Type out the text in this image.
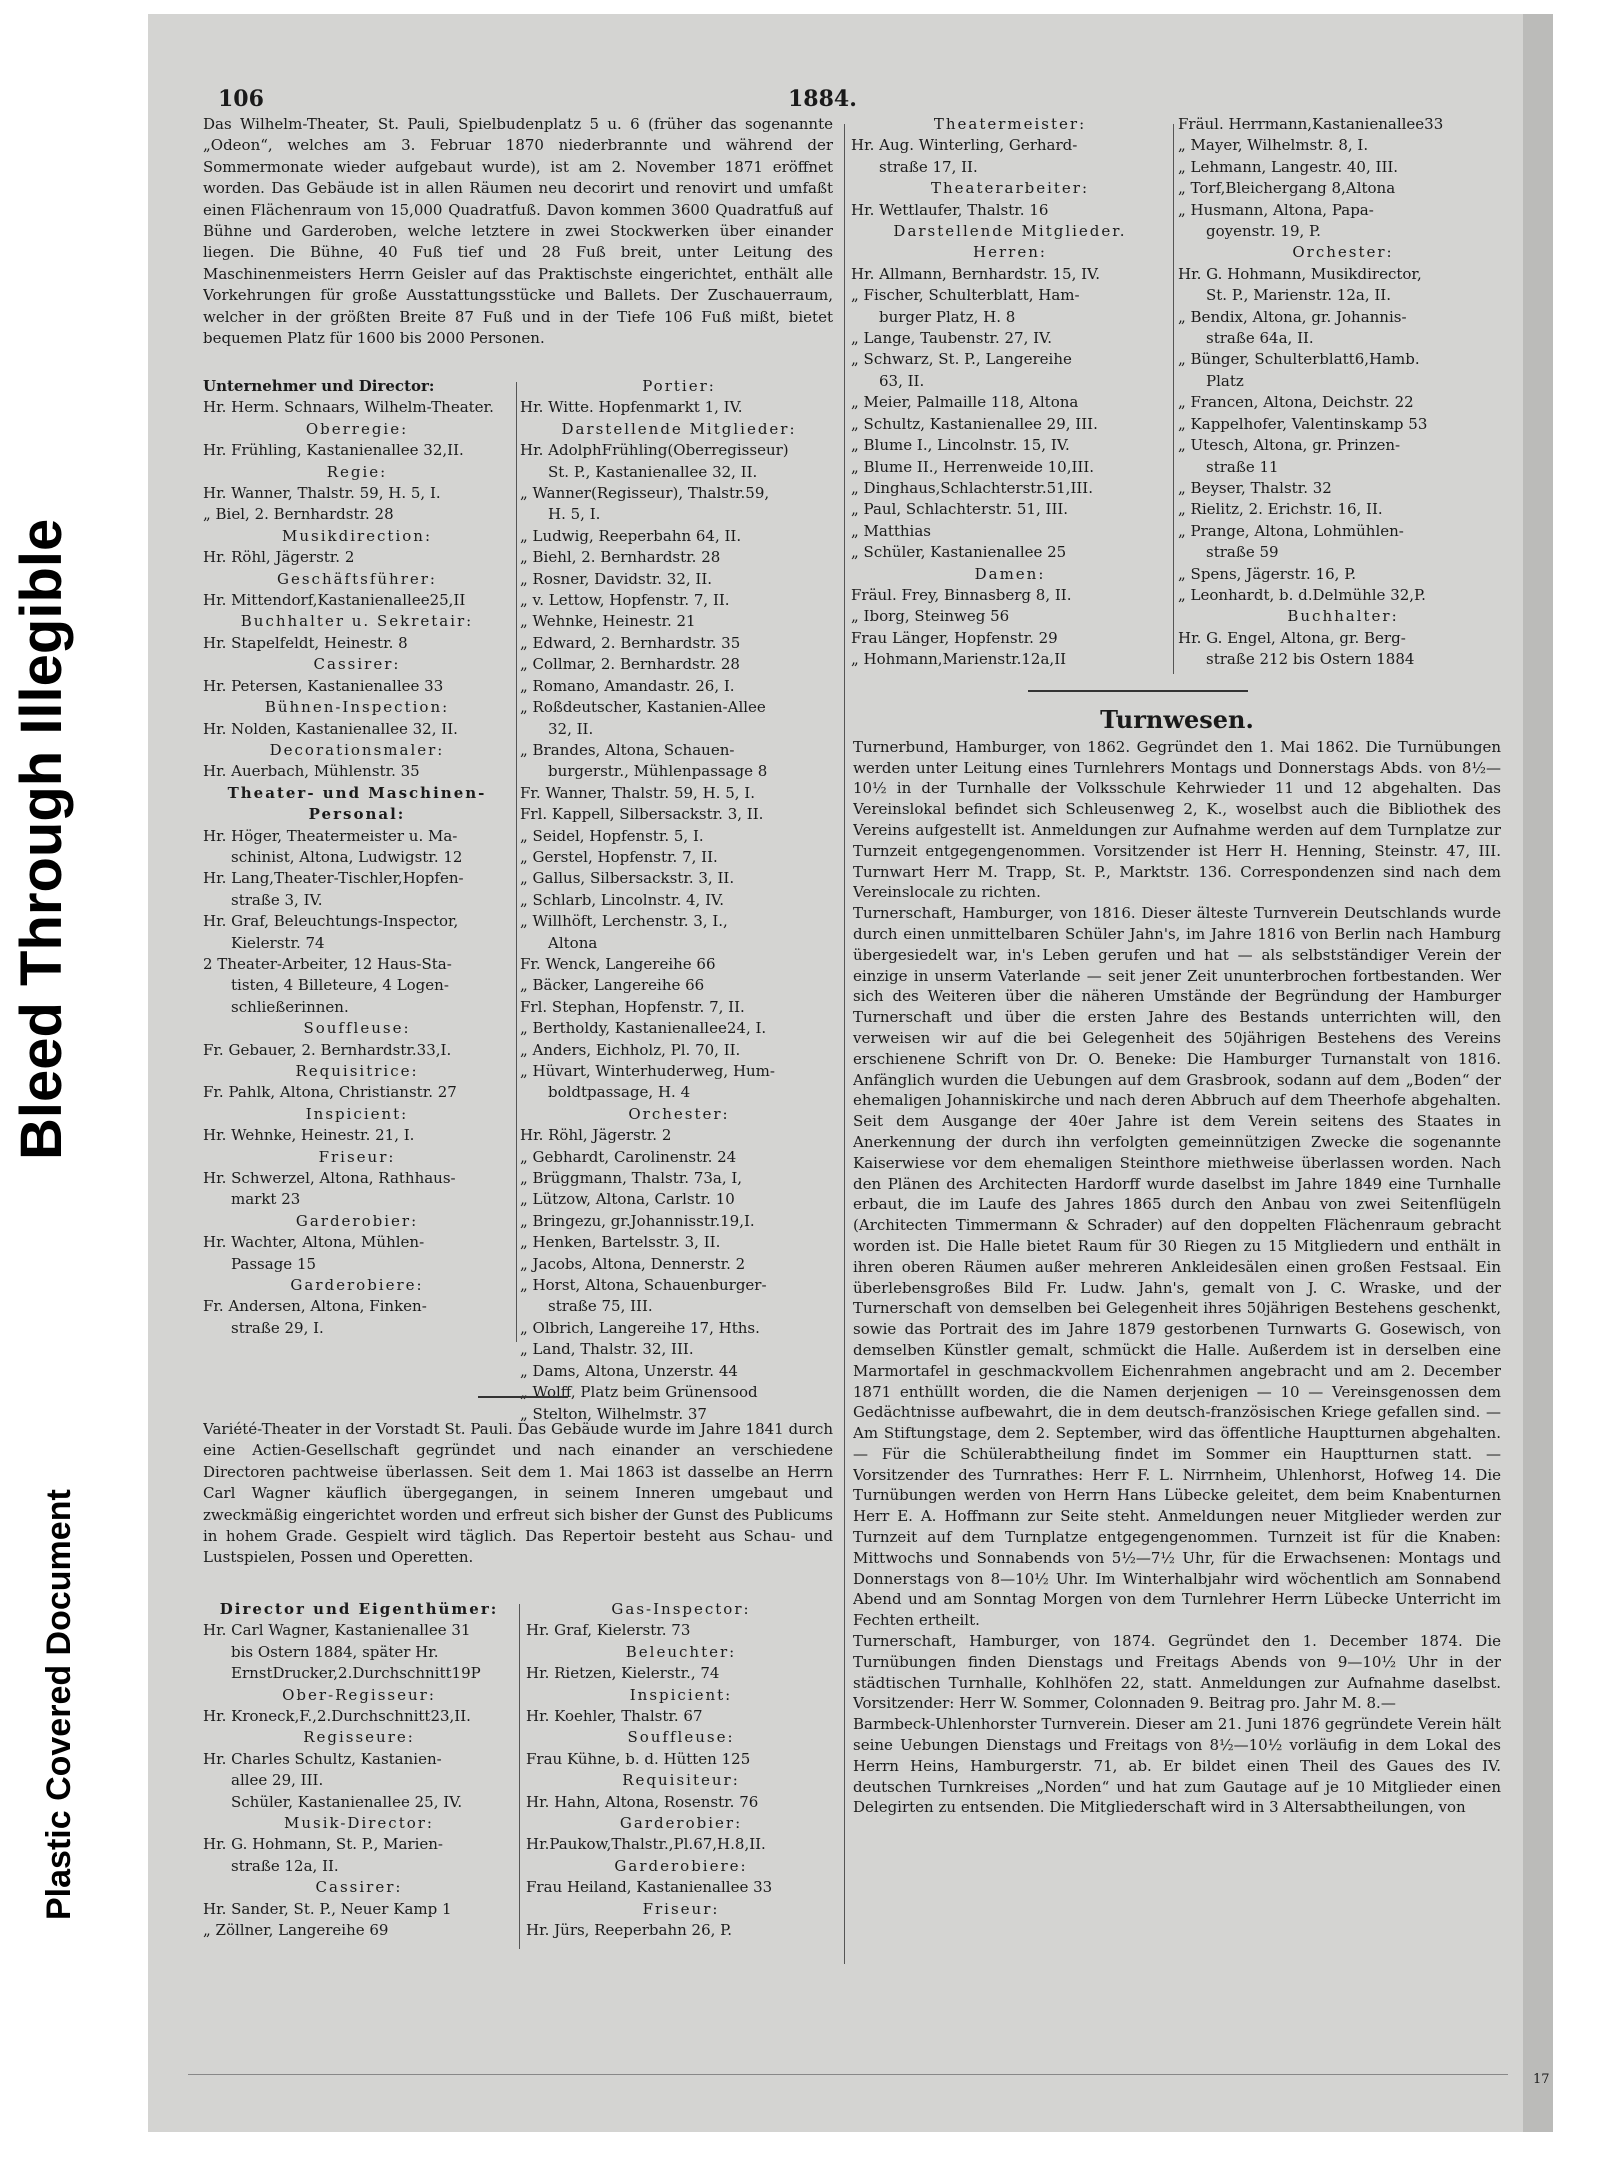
Bleed Through Illegible
Plastic Covered Document
106	1884.

Das Wilhelm-Theater, St. Pauli, Spielbudenplatz 5 u. 6 (früher das sogenannte „Odeon“, welches am 3. Februar 1870 niederbrannte und während der Sommermonate wieder aufgebaut wurde), ist am 2. November 1871 eröffnet worden. Das Gebäude ist in allen Räumen neu decorirt und renovirt und umfaßt einen Flächenraum von 15,000 Quadratfuß. Davon kommen 3600 Quadratfuß auf Bühne und Garderoben, welche letztere in zwei Stockwerken über einander liegen. Die Bühne, 40 Fuß tief und 28 Fuß breit, unter Leitung des Maschinenmeisters Herrn Geisler auf das Praktischste eingerichtet, enthält alle Vorkehrungen für große Ausstattungsstücke und Ballets. Der Zuschauerraum, welcher in der größten Breite 87 Fuß und in der Tiefe 106 Fuß mißt, bietet bequemen Platz für 1600 bis 2000 Personen.

Unternehmer und Director:

Hr. Herm. Schnaars, Wilhelm-Theater.

Oberregie:

Hr. Frühling, Kastanienallee 32,II.

Regie:

Hr. Wanner, Thalstr. 59, H. 5, I.

„ Biel, 2. Bernhardstr. 28

Musikdirection:

Hr. Röhl, Jägerstr. 2

Geschäftsführer:

Hr. Mittendorf,Kastanienallee25,II

Buchhalter u. Sekretair:

Hr. Stapelfeldt, Heinestr. 8

Cassirer:

Hr. Petersen, Kastanienallee 33

Bühnen-Inspection:

Hr. Nolden, Kastanienallee 32, II.

Decorationsmaler:

Hr. Auerbach, Mühlenstr. 35

Theater- und Maschinen-

Personal:

Hr. Höger, Theatermeister u. Ma-

schinist, Altona, Ludwigstr. 12

Hr. Lang,Theater-Tischler,Hopfen-

straße 3, IV.

Hr. Graf, Beleuchtungs-Inspector,

Kielerstr. 74

2 Theater-Arbeiter, 12 Haus-Sta-

tisten, 4 Billeteure, 4 Logen-

schließerinnen.

Souffleuse:

Fr. Gebauer, 2. Bernhardstr.33,I.

Requisitrice:

Fr. Pahlk, Altona, Christianstr. 27

Inspicient:

Hr. Wehnke, Heinestr. 21, I.

Friseur:

Hr. Schwerzel, Altona, Rathhaus-

markt 23

Garderobier:

Hr. Wachter, Altona, Mühlen-

Passage 15

Garderobiere:

Fr. Andersen, Altona, Finken-

straße 29, I.

Portier:

Hr. Witte. Hopfenmarkt 1, IV.

Darstellende Mitglieder:

Hr. AdolphFrühling(Oberregisseur)

St. P., Kastanienallee 32, II.

„ Wanner(Regisseur), Thalstr.59,

H. 5, I.

„ Ludwig, Reeperbahn 64, II.

„ Biehl, 2. Bernhardstr. 28

„ Rosner, Davidstr. 32, II.

„ v. Lettow, Hopfenstr. 7, II.

„ Wehnke, Heinestr. 21

„ Edward, 2. Bernhardstr. 35

„ Collmar, 2. Bernhardstr. 28

„ Romano, Amandastr. 26, I.

„ Roßdeutscher, Kastanien-Allee

32, II.

„ Brandes, Altona, Schauen-

burgerstr., Mühlenpassage 8

Fr. Wanner, Thalstr. 59, H. 5, I.

Frl. Kappell, Silbersackstr. 3, II.

„ Seidel, Hopfenstr. 5, I.

„ Gerstel, Hopfenstr. 7, II.

„ Gallus, Silbersackstr. 3, II.

„ Schlarb, Lincolnstr. 4, IV.

„ Willhöft, Lerchenstr. 3, I.,

Altona

Fr. Wenck, Langereihe 66

„ Bäcker, Langereihe 66

Frl. Stephan, Hopfenstr. 7, II.

„ Bertholdy, Kastanienallee24, I.

„ Anders, Eichholz, Pl. 70, II.

„ Hüvart, Winterhuderweg, Hum-

boldtpassage, H. 4

Orchester:

Hr. Röhl, Jägerstr. 2

„ Gebhardt, Carolinenstr. 24

„ Brüggmann, Thalstr. 73a, I,

„ Lützow, Altona, Carlstr. 10

„ Bringezu, gr.Johannisstr.19,I.

„ Henken, Bartelsstr. 3, II.

„ Jacobs, Altona, Dennerstr. 2

„ Horst, Altona, Schauenburger-

straße 75, III.

„ Olbrich, Langereihe 17, Hths.

„ Land, Thalstr. 32, III.

„ Dams, Altona, Unzerstr. 44

„ Wolff, Platz beim Grünensood

„ Stelton, Wilhelmstr. 37

Variété-Theater in der Vorstadt St. Pauli. Das Gebäude wurde im Jahre 1841 durch eine Actien-Gesellschaft gegründet und nach einander an verschiedene Directoren pachtweise überlassen. Seit dem 1. Mai 1863 ist dasselbe an Herrn Carl Wagner käuflich übergegangen, in seinem Inneren umgebaut und zweckmäßig eingerichtet worden und erfreut sich bisher der Gunst des Publicums in hohem Grade. Gespielt wird täglich. Das Repertoir besteht aus Schau- und Lustspielen, Possen und Operetten.

Director und Eigenthümer:

Hr. Carl Wagner, Kastanienallee 31

bis Ostern 1884, später Hr.

ErnstDrucker,2.Durchschnitt19P

Ober-Regisseur:

Hr. Kroneck,F.,2.Durchschnitt23,II.

Regisseure:

Hr. Charles Schultz, Kastanien-

allee 29, III.

Schüler, Kastanienallee 25, IV.

Musik-Director:

Hr. G. Hohmann, St. P., Marien-

straße 12a, II.

Cassirer:

Hr. Sander, St. P., Neuer Kamp 1

„ Zöllner, Langereihe 69

Gas-Inspector:

Hr. Graf, Kielerstr. 73

Beleuchter:

Hr. Rietzen, Kielerstr., 74

Inspicient:

Hr. Koehler, Thalstr. 67

Souffleuse:

Frau Kühne, b. d. Hütten 125

Requisiteur:

Hr. Hahn, Altona, Rosenstr. 76

Garderobier:

Hr.Paukow,Thalstr.,Pl.67,H.8,II.

Garderobiere:

Frau Heiland, Kastanienallee 33

Friseur:

Hr. Jürs, Reeperbahn 26, P.

Theatermeister:

Hr. Aug. Winterling, Gerhard-

straße 17, II.

Theaterarbeiter:

Hr. Wettlaufer, Thalstr. 16

Darstellende Mitglieder.

Herren:

Hr. Allmann, Bernhardstr. 15, IV.

„ Fischer, Schulterblatt, Ham-

burger Platz, H. 8

„ Lange, Taubenstr. 27, IV.

„ Schwarz, St. P., Langereihe

63, II.

„ Meier, Palmaille 118, Altona

„ Schultz, Kastanienallee 29, III.

„ Blume I., Lincolnstr. 15, IV.

„ Blume II., Herrenweide 10,III.

„ Dinghaus,Schlachterstr.51,III.

„ Paul, Schlachterstr. 51, III.

„ Matthias

„ Schüler, Kastanienallee 25

Damen:

Fräul. Frey, Binnasberg 8, II.

„ Iborg, Steinweg 56

Frau Länger, Hopfenstr. 29

„ Hohmann,Marienstr.12a,II

Fräul. Herrmann,Kastanienallee33

„ Mayer, Wilhelmstr. 8, I.

„ Lehmann, Langestr. 40, III.

„ Torf,Bleichergang 8,Altona

„ Husmann, Altona, Papa-

goyenstr. 19, P.

Orchester:

Hr. G. Hohmann, Musikdirector,

St. P., Marienstr. 12a, II.

„ Bendix, Altona, gr. Johannis-

straße 64a, II.

„ Bünger, Schulterblatt6,Hamb.

Platz

„ Francen, Altona, Deichstr. 22

„ Kappelhofer, Valentinskamp 53

„ Utesch, Altona, gr. Prinzen-

straße 11

„ Beyser, Thalstr. 32

„ Rielitz, 2. Erichstr. 16, II.

„ Prange, Altona, Lohmühlen-

straße 59

„ Spens, Jägerstr. 16, P.

„ Leonhardt, b. d.Delmühle 32,P.

Buchhalter:

Hr. G. Engel, Altona, gr. Berg-

straße 212 bis Ostern 1884

Turnwesen.

Turnerbund, Hamburger, von 1862. Gegründet den 1. Mai 1862. Die Turnübungen werden unter Leitung eines Turnlehrers Montags und Donnerstags Abds. von 8½—10½ in der Turnhalle der Volksschule Kehrwieder 11 und 12 abgehalten. Das Vereinslokal befindet sich Schleusenweg 2, K., woselbst auch die Bibliothek des Vereins aufgestellt ist. Anmeldungen zur Aufnahme werden auf dem Turnplatze zur Turnzeit entgegengenommen. Vorsitzender ist Herr H. Henning, Steinstr. 47, III. Turnwart Herr M. Trapp, St. P., Marktstr. 136. Correspondenzen sind nach dem Vereinslocale zu richten.

Turnerschaft, Hamburger, von 1816. Dieser älteste Turnverein Deutschlands wurde durch einen unmittelbaren Schüler Jahn's, im Jahre 1816 von Berlin nach Hamburg übergesiedelt war, in's Leben gerufen und hat — als selbstständiger Verein der einzige in unserm Vaterlande — seit jener Zeit ununterbrochen fortbestanden. Wer sich des Weiteren über die näheren Umstände der Begründung der Hamburger Turnerschaft und über die ersten Jahre des Bestands unterrichten will, den verweisen wir auf die bei Gelegenheit des 50jährigen Bestehens des Vereins erschienene Schrift von Dr. O. Beneke: Die Hamburger Turnanstalt von 1816. Anfänglich wurden die Uebungen auf dem Grasbrook, sodann auf dem „Boden“ der ehemaligen Johanniskirche und nach deren Abbruch auf dem Theerhofe abgehalten. Seit dem Ausgange der 40er Jahre ist dem Verein seitens des Staates in Anerkennung der durch ihn verfolgten gemeinnützigen Zwecke die sogenannte Kaiserwiese vor dem ehemaligen Steinthore miethweise überlassen worden. Nach den Plänen des Architecten Hardorff wurde daselbst im Jahre 1849 eine Turnhalle erbaut, die im Laufe des Jahres 1865 durch den Anbau von zwei Seitenflügeln (Architecten Timmermann & Schrader) auf den doppelten Flächenraum gebracht worden ist. Die Halle bietet Raum für 30 Riegen zu 15 Mitgliedern und enthält in ihren oberen Räumen außer mehreren Ankleidesälen einen großen Festsaal. Ein überlebensgroßes Bild Fr. Ludw. Jahn's, gemalt von J. C. Wraske, und der Turnerschaft von demselben bei Gelegenheit ihres 50jährigen Bestehens geschenkt, sowie das Portrait des im Jahre 1879 gestorbenen Turnwarts G. Gosewisch, von demselben Künstler gemalt, schmückt die Halle. Außerdem ist in derselben eine Marmortafel in geschmackvollem Eichenrahmen angebracht und am 2. December 1871 enthüllt worden, die die Namen derjenigen — 10 — Vereinsgenossen dem Gedächtnisse aufbewahrt, die in dem deutsch-französischen Kriege gefallen sind. — Am Stiftungstage, dem 2. September, wird das öffentliche Hauptturnen abgehalten. — Für die Schülerabtheilung findet im Sommer ein Hauptturnen statt. — Vorsitzender des Turnrathes: Herr F. L. Nirrnheim, Uhlenhorst, Hofweg 14. Die Turnübungen werden von Herrn Hans Lübecke geleitet, dem beim Knabenturnen Herr E. A. Hoffmann zur Seite steht. Anmeldungen neuer Mitglieder werden zur Turnzeit auf dem Turnplatze entgegengenommen. Turnzeit ist für die Knaben: Mittwochs und Sonnabends von 5½—7½ Uhr, für die Erwachsenen: Montags und Donnerstags von 8—10½ Uhr. Im Winterhalbjahr wird wöchentlich am Sonnabend Abend und am Sonntag Morgen von dem Turnlehrer Herrn Lübecke Unterricht im Fechten ertheilt.

Turnerschaft, Hamburger, von 1874. Gegründet den 1. December 1874. Die Turnübungen finden Dienstags und Freitags Abends von 9—10½ Uhr in der städtischen Turnhalle, Kohlhöfen 22, statt. Anmeldungen zur Aufnahme daselbst. Vorsitzender: Herr W. Sommer, Colonnaden 9. Beitrag pro. Jahr M. 8.—

Barmbeck-Uhlenhorster Turnverein. Dieser am 21. Juni 1876 gegründete Verein hält seine Uebungen Dienstags und Freitags von 8½—10½ vorläufig in dem Lokal des Herrn Heins, Hamburgerstr. 71, ab. Er bildet einen Theil des Gaues des IV. deutschen Turnkreises „Norden“ und hat zum Gautage auf je 10 Mitglieder einen Delegirten zu entsenden. Die Mitgliederschaft wird in 3 Altersabtheilungen, von

17
